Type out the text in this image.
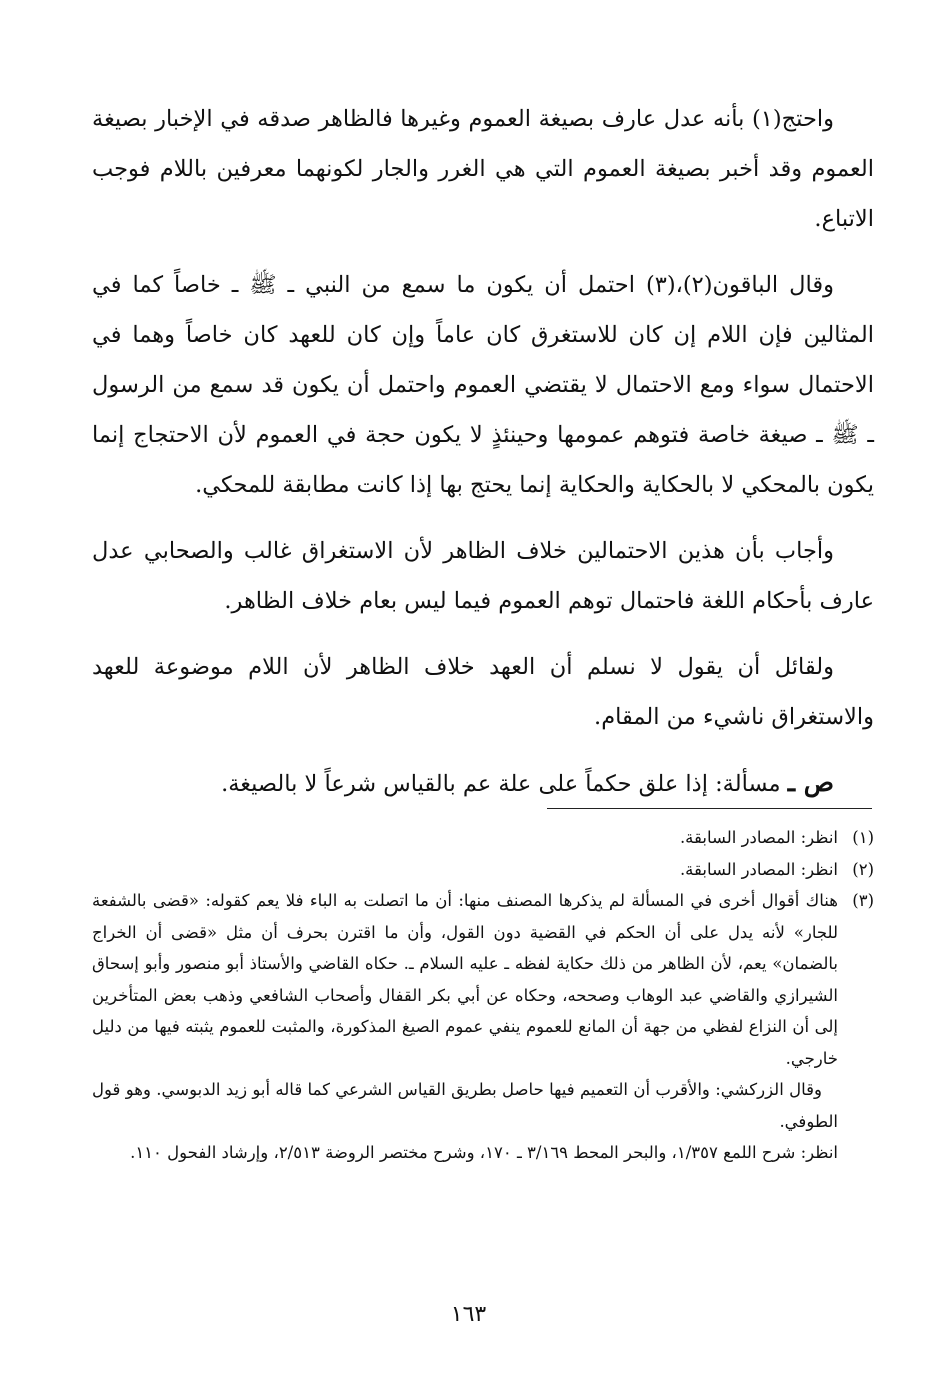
واحتج(١) بأنه عدل عارف بصيغة العموم وغيرها فالظاهر صدقه في الإخبار بصيغة العموم وقد أخبر بصيغة العموم التي هي الغرر والجار لكونهما معرفين باللام فوجب الاتباع.

وقال الباقون(٢)،(٣) احتمل أن يكون ما سمع من النبي ـ ﷺ ـ خاصاً كما في المثالين فإن اللام إن كان للاستغرق كان عاماً وإن كان للعهد كان خاصاً وهما في الاحتمال سواء ومع الاحتمال لا يقتضي العموم واحتمل أن يكون قد سمع من الرسول ـ ﷺ ـ صيغة خاصة فتوهم عمومها وحينئذٍ لا يكون حجة في العموم لأن الاحتجاج إنما يكون بالمحكي لا بالحكاية والحكاية إنما يحتج بها إذا كانت مطابقة للمحكي.

وأجاب بأن هذين الاحتمالين خلاف الظاهر لأن الاستغراق غالب والصحابي عدل عارف بأحكام اللغة فاحتمال توهم العموم فيما ليس بعام خلاف الظاهر.

ولقائل أن يقول لا نسلم أن العهد خلاف الظاهر لأن اللام موضوعة للعهد والاستغراق ناشيء من المقام.

ص ـ مسألة: إذا علق حكماً على علة عم بالقياس شرعاً لا بالصيغة.

(١)
انظر: المصادر السابقة.
(٢)
انظر: المصادر السابقة.
(٣)
هناك أقوال أخرى في المسألة لم يذكرها المصنف منها: أن ما اتصلت به الباء فلا يعم كقوله: «قضى بالشفعة للجار» لأنه يدل على أن الحكم في القضية دون القول، وأن ما اقترن بحرف أن مثل «قضى أن الخراج بالضمان» يعم، لأن الظاهر من ذلك حكاية لفظه ـ عليه السلام ـ. حكاه القاضي والأستاذ أبو منصور وأبو إسحاق الشيرازي والقاضي عبد الوهاب وصححه، وحكاه عن أبي بكر القفال وأصحاب الشافعي وذهب بعض المتأخرين إلى أن النزاع لفظي من جهة أن المانع للعموم ينفي عموم الصيغ المذكورة، والمثبت للعموم يثبته فيها من دليل خارجي.
وقال الزركشي: والأقرب أن التعميم فيها حاصل بطريق القياس الشرعي كما قاله أبو زيد الدبوسي. وهو قول الطوفي.
انظر: شرح اللمع ١/٣٥٧، والبحر المحط ٣/١٦٩ ـ ١٧٠، وشرح مختصر الروضة ٢/٥١٣، وإرشاد الفحول ١١٠.
١٦٣
